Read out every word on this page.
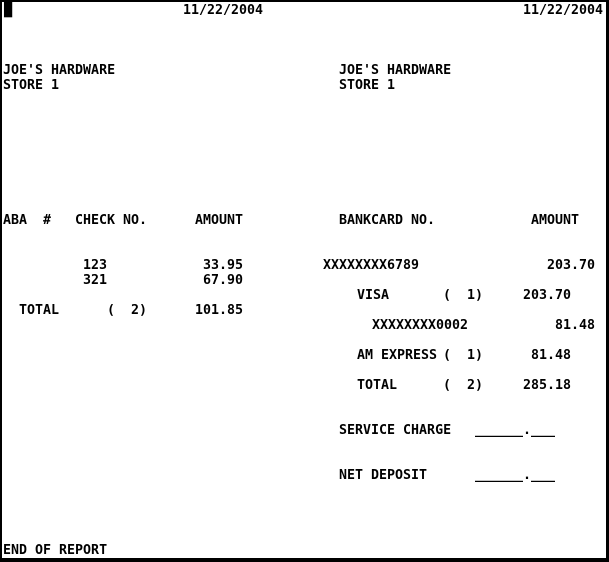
█	11/22/2004	11/22/2004
JOE'S HARDWARE
STORE 1
JOE'S HARDWARE
STORE 1
ABA  # CHECK NO.	AMOUNT	BANKCARD NO.	AMOUNT
123	33.95
321	67.90
TOTAL	(  2)	101.85
XXXXXXXX6789	203.70
VISA	(  1)	203.70
XXXXXXXX0002	81.48
AM EXPRESS (  1)	81.48
TOTAL	(  2)	285.18
SERVICE CHARGE ______.___
NET DEPOSIT	______.___
END OF REPORT
